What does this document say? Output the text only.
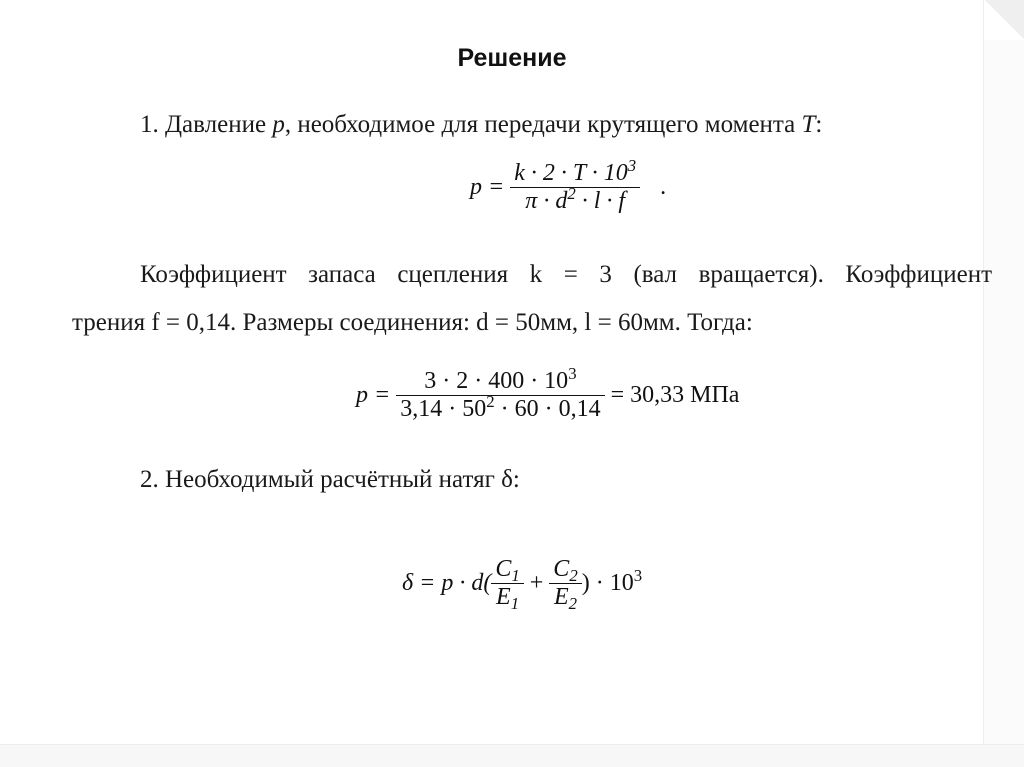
Решение
1. Давление p, необходимое для передачи крутящего момента T:
$p = \frac{k \cdot 2 \cdot T \cdot 10^3}{\pi \cdot d^2 \cdot l \cdot f}$ .
Коэффициент запаса сцепления k = 3 (вал вращается). Коэффициент
трения f = 0,14. Размеры соединения: d = 50мм, l = 60мм. Тогда:
$p = \frac{3 \cdot 2 \cdot 400 \cdot 10^3}{3,14 \cdot 50^2 \cdot 60 \cdot 0,14} = 30,33$ МПа
2. Необходимый расчётный натяг δ:
$\delta = p \cdot d( \frac{C_1}{E_1} + \frac{C_2}{E_2}$ ) · $10^3$
